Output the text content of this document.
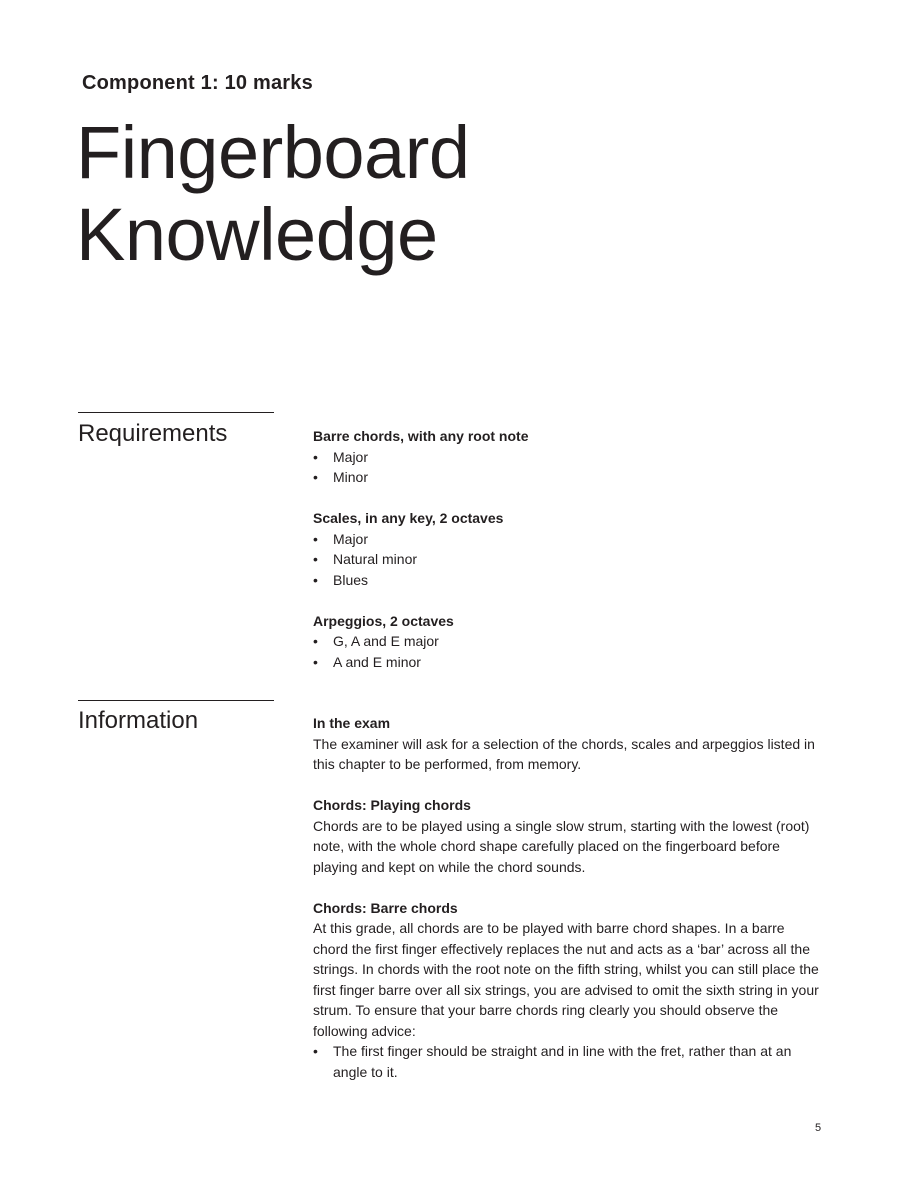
Component 1: 10 marks
Fingerboard
Knowledge
Requirements	Barre chords, with any root note
• Major
• Minor
Scales, in any key, 2 octaves
• Major
• Natural minor
• Blues
Arpeggios, 2 octaves
• G, A and E major
• A and E minor
Information	In the exam
The examiner will ask for a selection of the chords, scales and arpeggios listed in this chapter to be performed, from memory.
Chords: Playing chords
Chords are to be played using a single slow strum, starting with the lowest (root) note, with the whole chord shape carefully placed on the fingerboard before playing and kept on while the chord sounds.
Chords: Barre chords
At this grade, all chords are to be played with barre chord shapes. In a barre chord the first finger effectively replaces the nut and acts as a ‘bar’ across all the strings. In chords with the root note on the fifth string, whilst you can still place the first finger barre over all six strings, you are advised to omit the sixth string in your strum. To ensure that your barre chords ring clearly you should observe the following advice:
• The first finger should be straight and in line with the fret, rather than at an angle to it.
5
